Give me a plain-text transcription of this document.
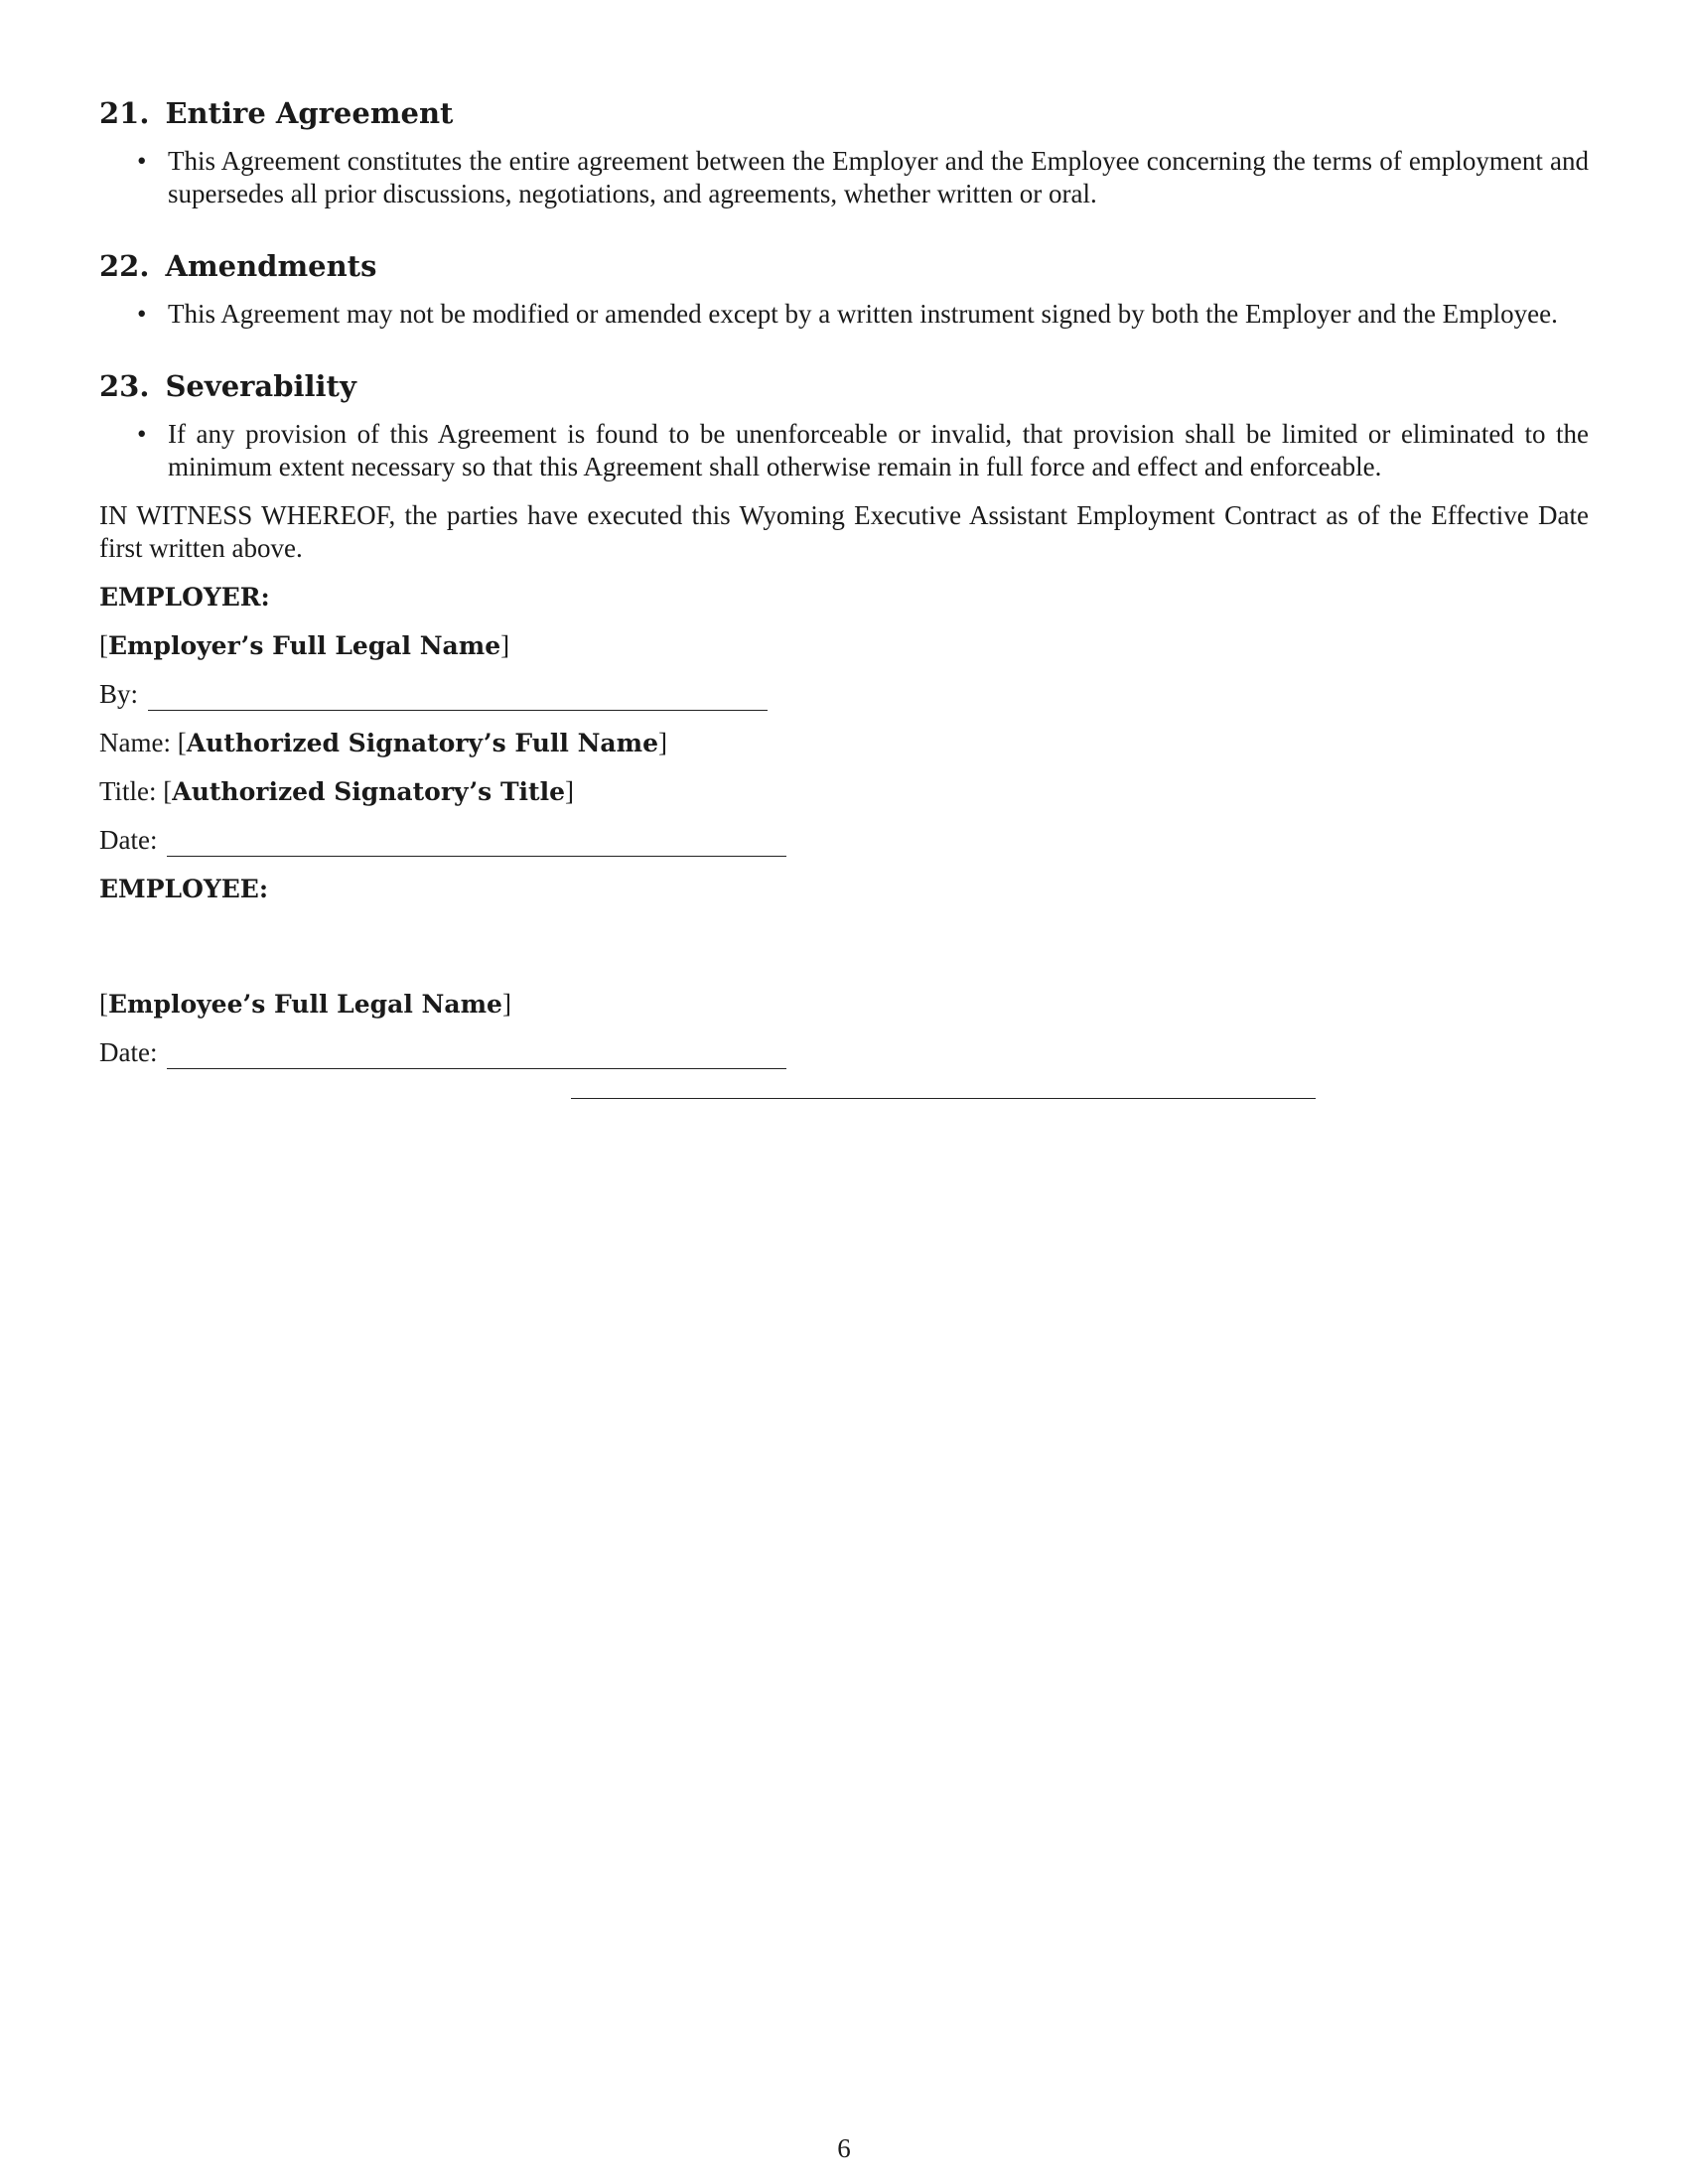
21. Entire Agreement
• This Agreement constitutes the entire agreement between the Employer and the Employee concerning the terms of employment and supersedes all prior discussions, negotiations, and agreements, whether written or oral.
22. Amendments
• This Agreement may not be modified or amended except by a written instrument signed by both the Employer and the Employee.
23. Severability
• If any provision of this Agreement is found to be unenforceable or invalid, that provision shall be limited or eliminated to the minimum extent necessary so that this Agreement shall otherwise remain in full force and effect and enforceable.

IN WITNESS WHEREOF, the parties have executed this Wyoming Executive Assistant Employment Contract as of the Effective Date first written above.

EMPLOYER:

[ Employer’s Full Legal Name ]

By:

Name:
[ Authorized Signatory’s Full Name ]

Title:
[ Authorized Signatory’s Title ]

Date:

EMPLOYEE:

[ Employee’s Full Legal Name ]

Date:

6
